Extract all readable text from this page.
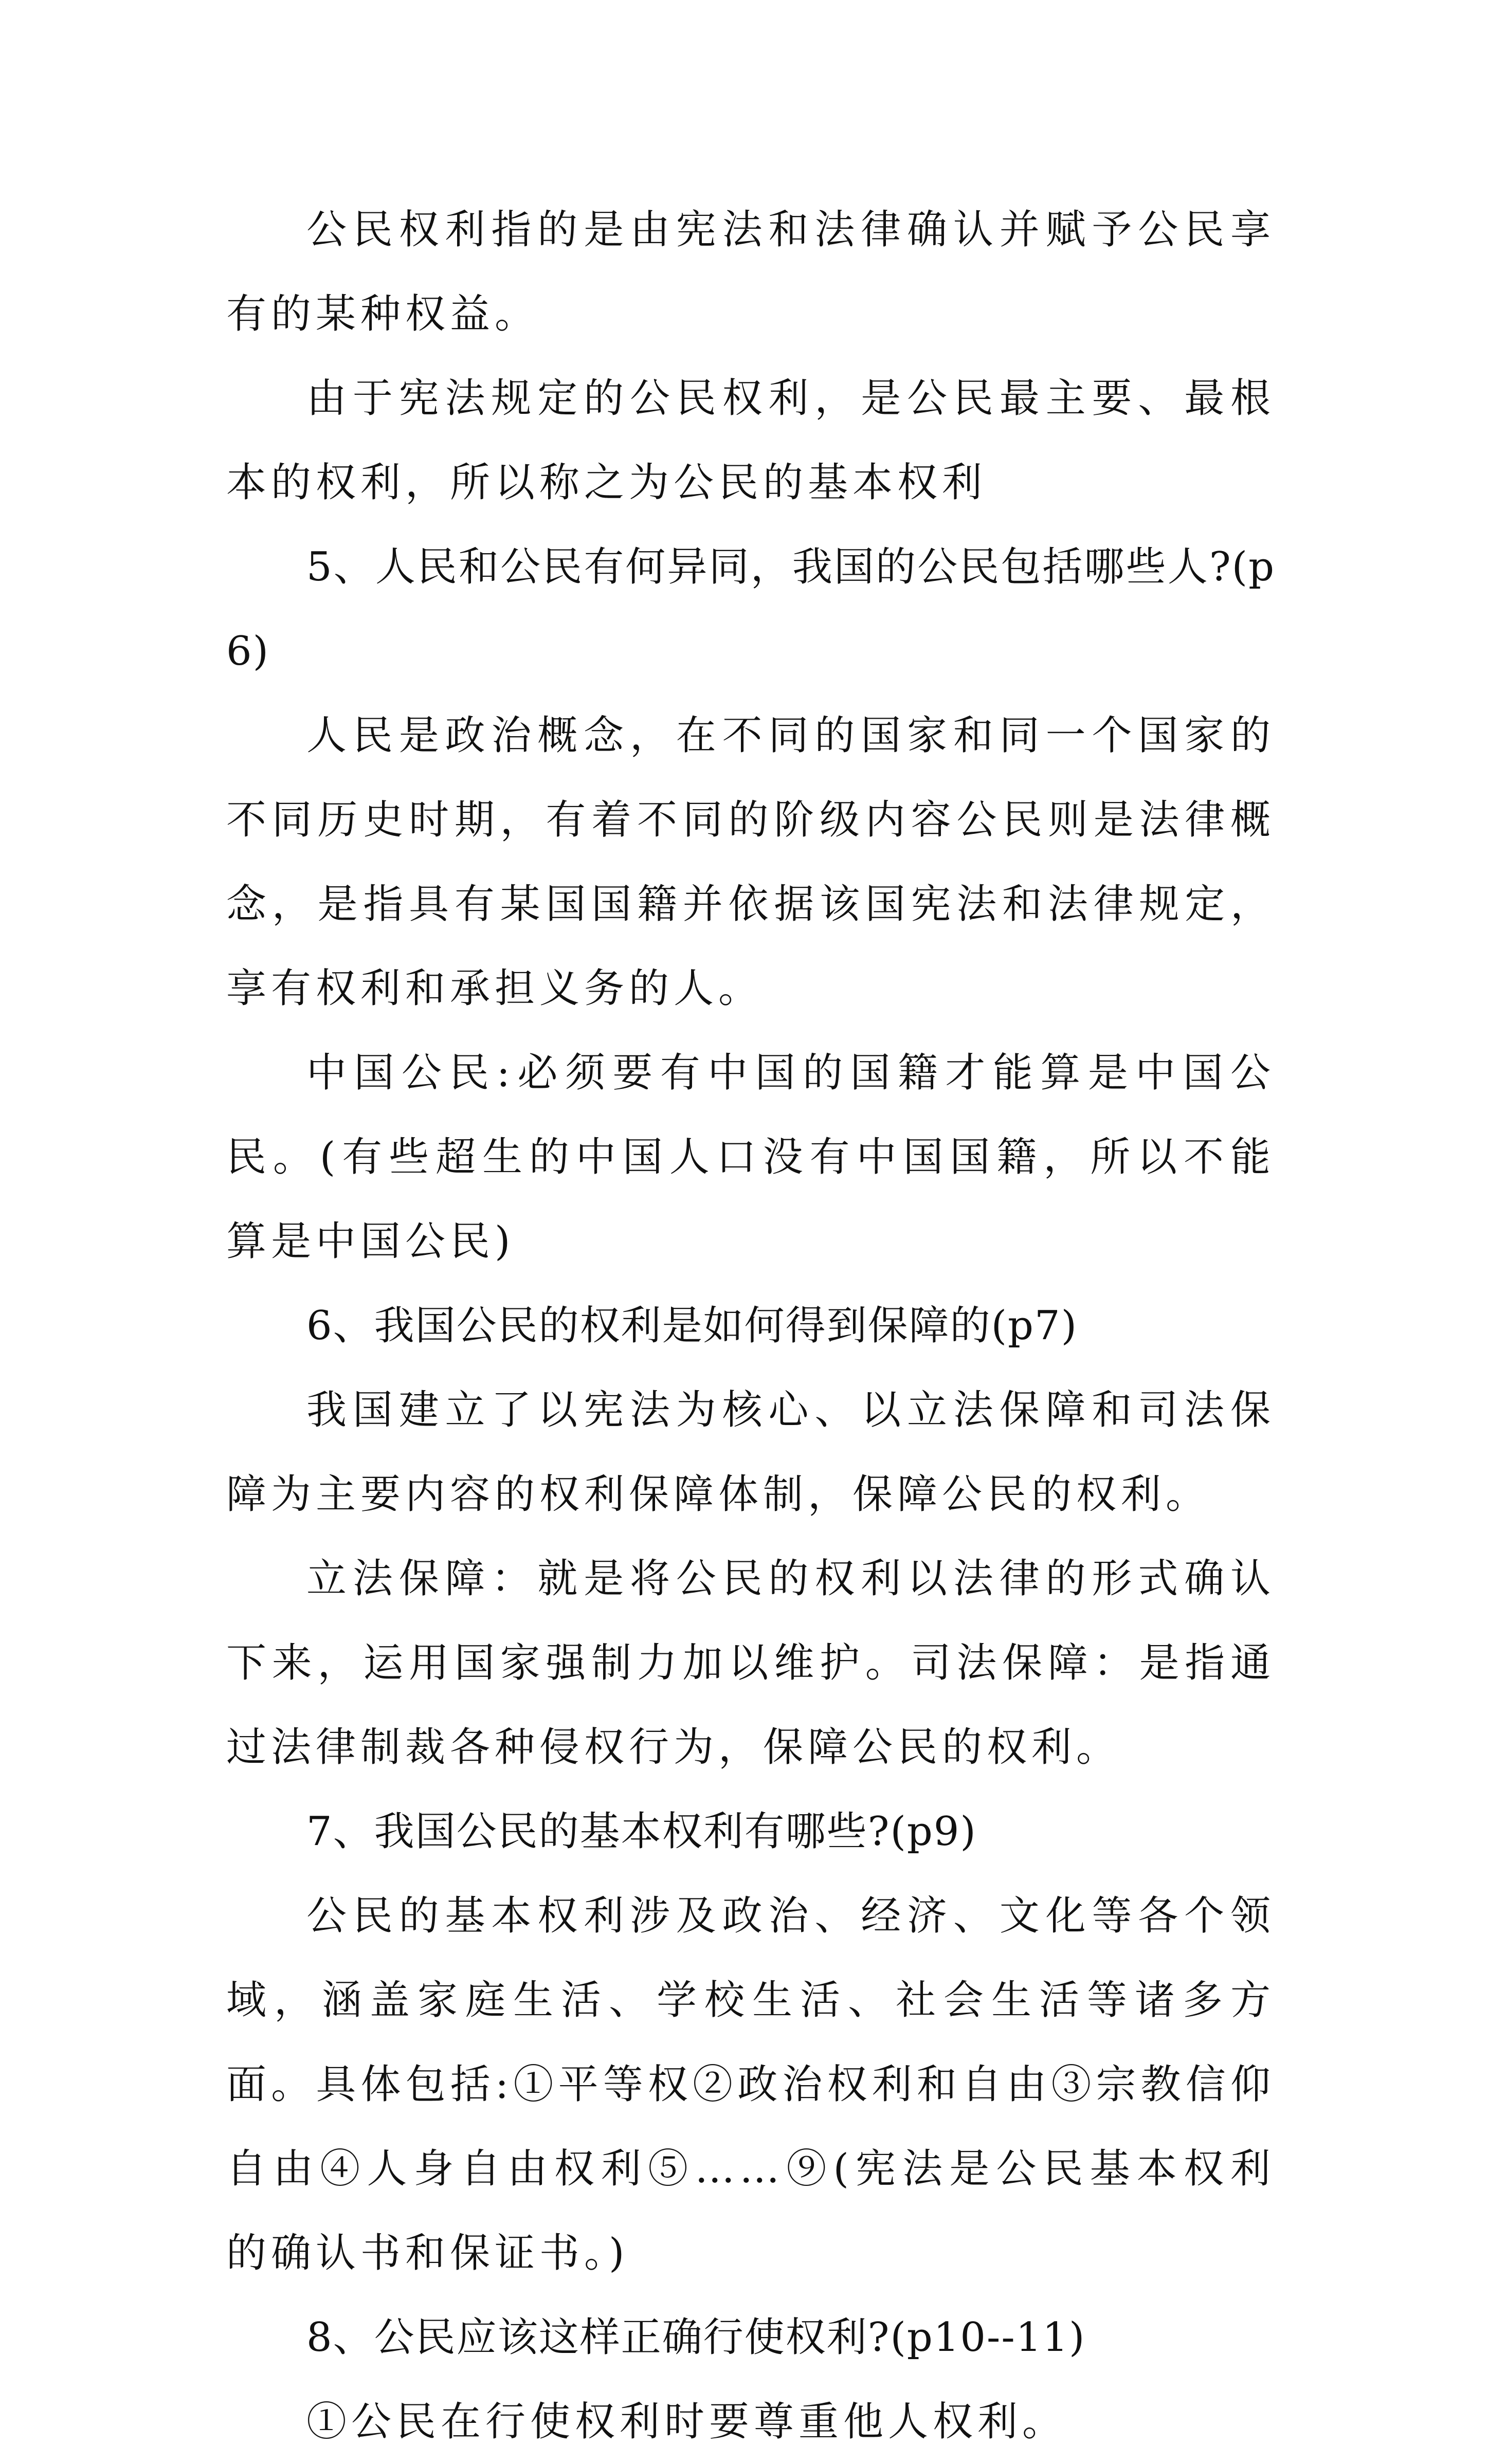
公民权利指的是由宪法和法律确认并赋予公民享有的某种权益。

由于宪法规定的公民权利，是公民最主要、最根本的权利，所以称之为公民的基本权利

5、人民和公民有何异同，我国的公民包括哪些人?(p6)

人民是政治概念，在不同的国家和同一个国家的不同历史时期，有着不同的阶级内容公民则是法律概念，是指具有某国国籍并依据该国宪法和法律规定，享有权利和承担义务的人。

中国公民:必须要有中国的国籍才能算是中国公民。(有些超生的中国人口没有中国国籍，所以不能算是中国公民)

6、我国公民的权利是如何得到保障的(p7)

我国建立了以宪法为核心、以立法保障和司法保障为主要内容的权利保障体制，保障公民的权利。

立法保障：就是将公民的权利以法律的形式确认下来，运用国家强制力加以维护。司法保障：是指通过法律制裁各种侵权行为，保障公民的权利。

7、我国公民的基本权利有哪些?(p9)

公民的基本权利涉及政治、经济、文化等各个领域，涵盖家庭生活、学校生活、社会生活等诸多方面。具体包括:①平等权②政治权利和自由③宗教信仰自由④人身自由权利⑤……⑨(宪法是公民基本权利的确认书和保证书。)

8、公民应该这样正确行使权利?(p10--11)

①公民在行使权利时要尊重他人权利。
